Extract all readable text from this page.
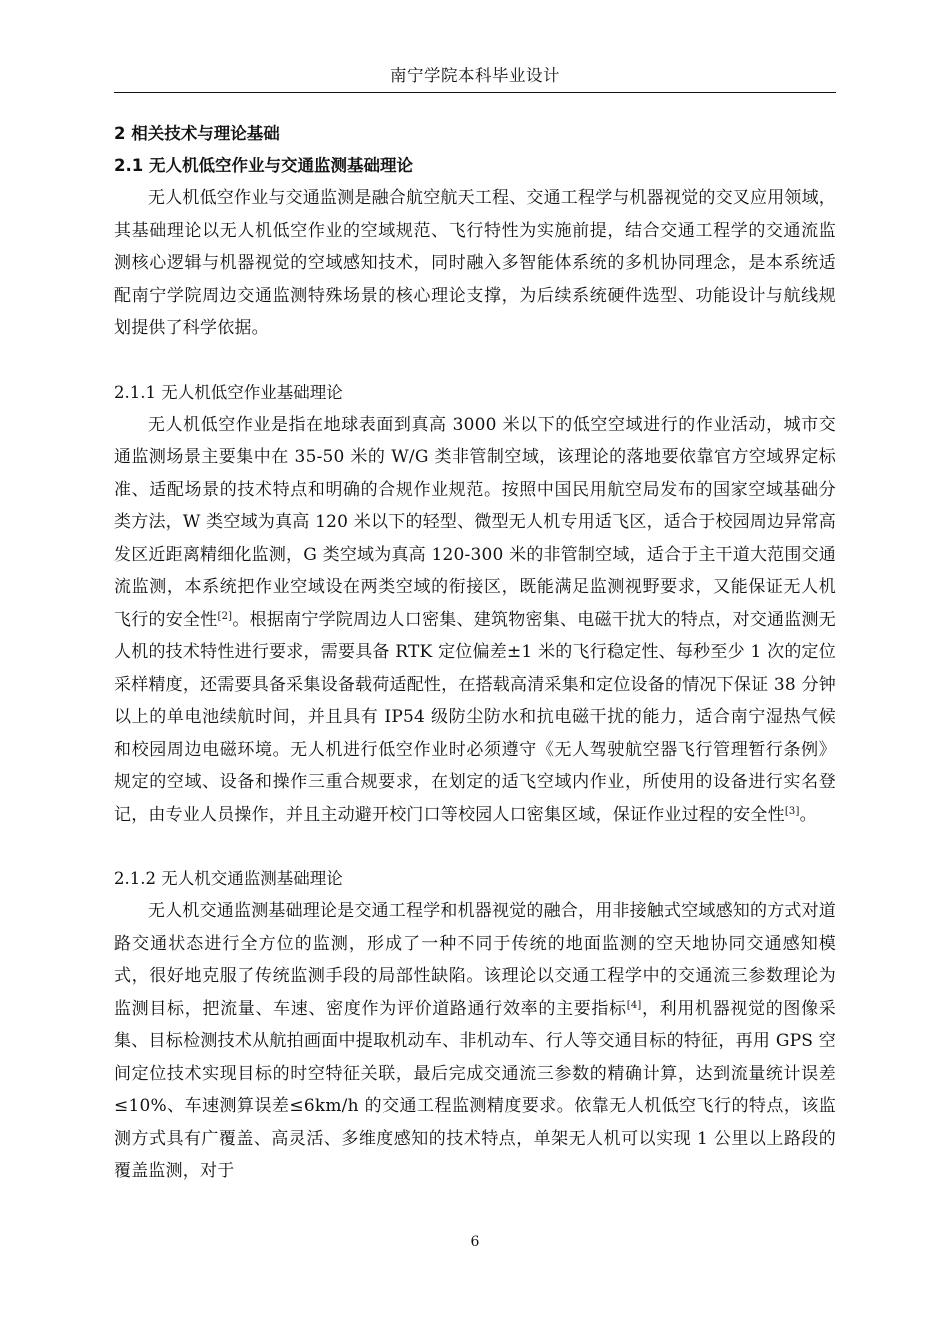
南宁学院本科毕业设计
2 相关技术与理论基础
2.1 无人机低空作业与交通监测基础理论

无人机低空作业与交通监测是融合航空航天工程、交通工程学与机器视觉的交叉应用领域，其基础理论以无人机低空作业的空域规范、飞行特性为实施前提，结合交通工程学的交通流监测核心逻辑与机器视觉的空域感知技术，同时融入多智能体系统的多机协同理念，是本系统适配南宁学院周边交通监测特殊场景的核心理论支撑，为后续系统硬件选型、功能设计与航线规划提供了科学依据。

2.1.1 无人机低空作业基础理论

无人机低空作业是指在地球表面到真高 3000 米以下的低空空域进行的作业活动，城市交通监测场景主要集中在 35-50 米的 W/G 类非管制空域，该理论的落地要依靠官方空域界定标准、适配场景的技术特点和明确的合规作业规范。按照中国民用航空局发布的国家空域基础分类方法，W 类空域为真高 120 米以下的轻型、微型无人机专用适飞区，适合于校园周边异常高发区近距离精细化监测，G 类空域为真高 120-300 米的非管制空域，适合于主干道大范围交通流监测，本系统把作业空域设在两类空域的衔接区，既能满足监测视野要求，又能保证无人机飞行的安全性[2]。根据南宁学院周边人口密集、建筑物密集、电磁干扰大的特点，对交通监测无人机的技术特性进行要求，需要具备 RTK 定位偏差±1 米的飞行稳定性、每秒至少 1 次的定位采样精度，还需要具备采集设备载荷适配性，在搭载高清采集和定位设备的情况下保证 38 分钟以上的单电池续航时间，并且具有 IP54 级防尘防水和抗电磁干扰的能力，适合南宁湿热气候和校园周边电磁环境。无人机进行低空作业时必须遵守《无人驾驶航空器飞行管理暂行条例》规定的空域、设备和操作三重合规要求，在划定的适飞空域内作业，所使用的设备进行实名登记，由专业人员操作，并且主动避开校门口等校园人口密集区域，保证作业过程的安全性[3]。

2.1.2 无人机交通监测基础理论

无人机交通监测基础理论是交通工程学和机器视觉的融合，用非接触式空域感知的方式对道路交通状态进行全方位的监测，形成了一种不同于传统的地面监测的空天地协同交通感知模式，很好地克服了传统监测手段的局部性缺陷。该理论以交通工程学中的交通流三参数理论为监测目标，把流量、车速、密度作为评价道路通行效率的主要指标[4]，利用机器视觉的图像采集、目标检测技术从航拍画面中提取机动车、非机动车、行人等交通目标的特征，再用 GPS 空间定位技术实现目标的时空特征关联，最后完成交通流三参数的精确计算，达到流量统计误差≤10%、车速测算误差≤6km/h 的交通工程监测精度要求。依靠无人机低空飞行的特点，该监测方式具有广覆盖、高灵活、多维度感知的技术特点，单架无人机可以实现 1 公里以上路段的覆盖监测，对于

6
